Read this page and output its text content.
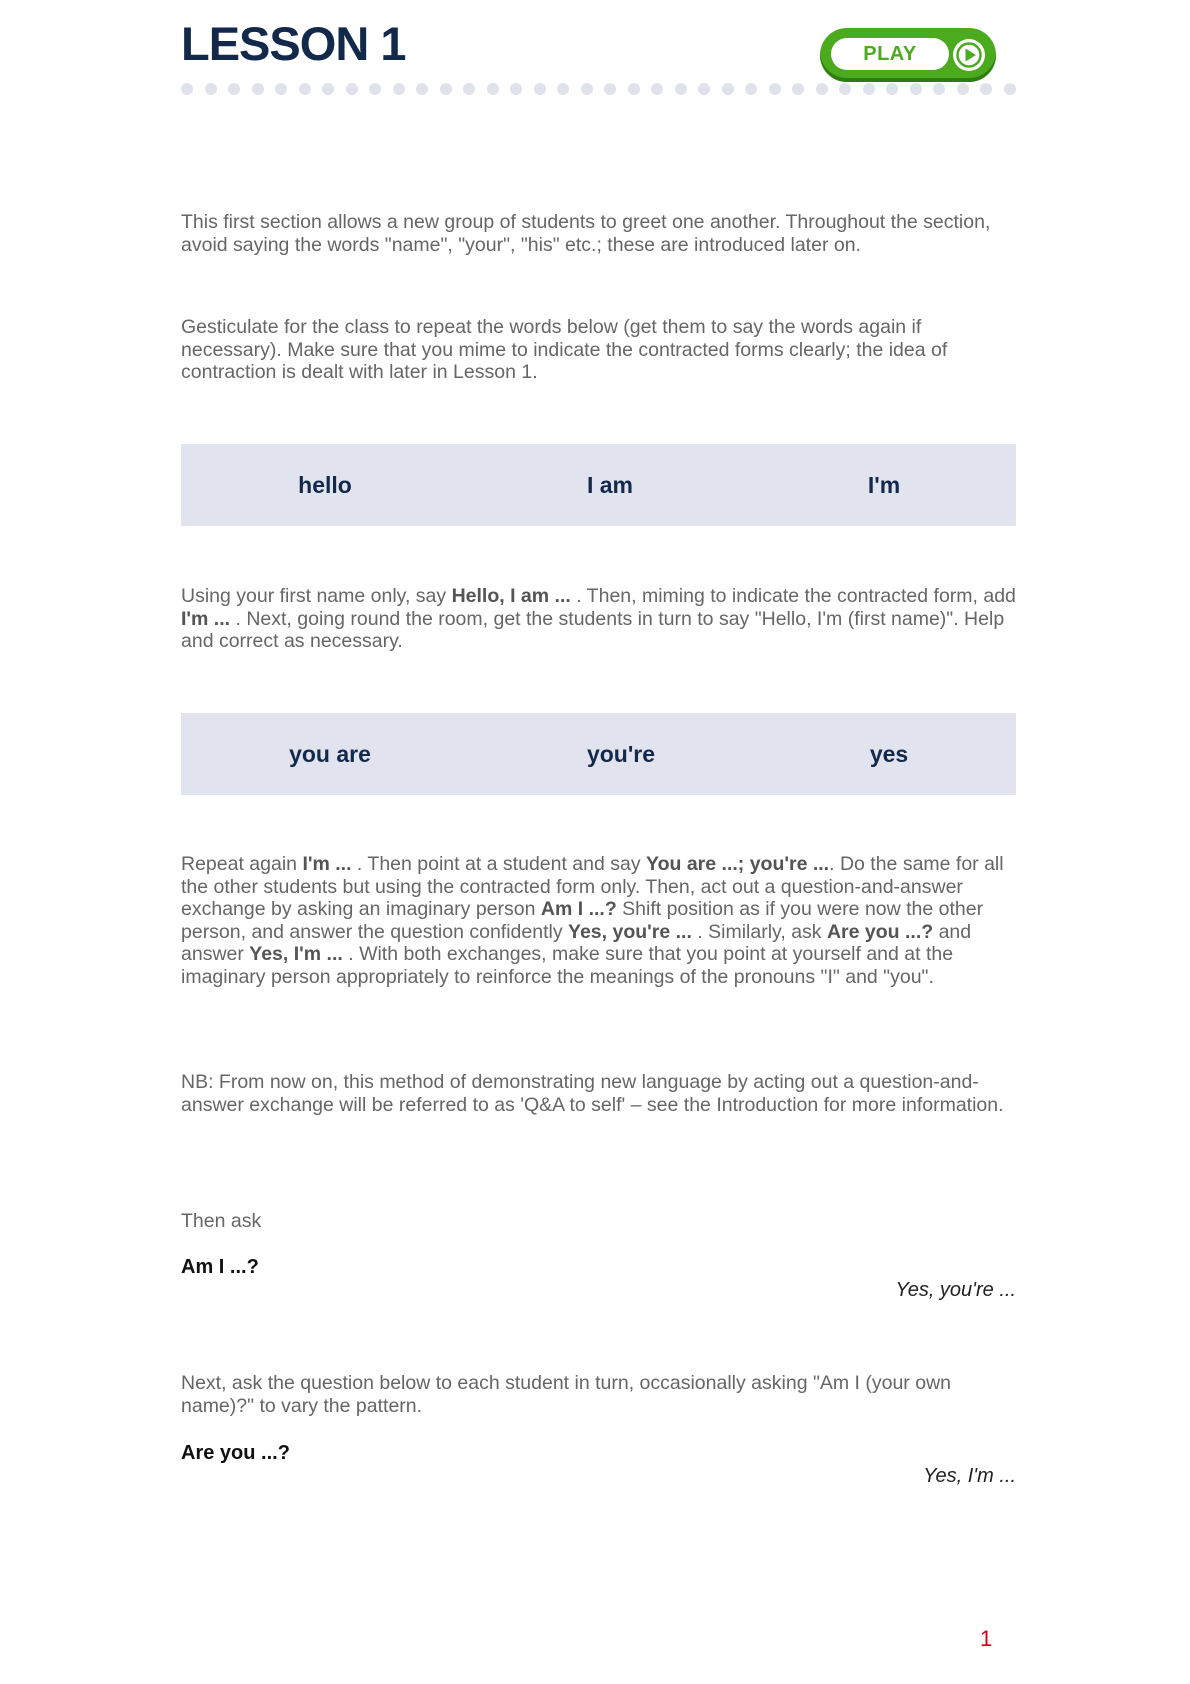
LESSON 1	PLAY

This first section allows a new group of students to greet one another. Throughout the section, avoid saying the words "name", "your", "his" etc.; these are introduced later on.

Gesticulate for the class to repeat the words below (get them to say the words again if necessary). Make sure that you mime to indicate the contracted forms clearly; the idea of contraction is dealt with later in Lesson 1.

hello	I am	I'm

Using your first name only, say Hello, I am ... . Then, miming to indicate the contracted form, add I'm ... . Next, going round the room, get the students in turn to say "Hello, I'm (first name)". Help and correct as necessary.

you are	you're	yes

Repeat again I'm ... . Then point at a student and say You are ...; you're .... Do the same for all the other students but using the contracted form only. Then, act out a question-and-answer exchange by asking an imaginary person Am I ...? Shift position as if you were now the other person, and answer the question confidently Yes, you're ... . Similarly, ask Are you ...? and answer Yes, I'm ... . With both exchanges, make sure that you point at yourself and at the imaginary person appropriately to reinforce the meanings of the pronouns "I" and "you".

NB: From now on, this method of demonstrating new language by acting out a question-and-answer exchange will be referred to as 'Q&A to self' – see the Introduction for more information.

Then ask

Am I ...?
Yes, you're ...

Next, ask the question below to each student in turn, occasionally asking "Am I (your own name)?" to vary the pattern.

Are you ...?
Yes, I'm ...
1
